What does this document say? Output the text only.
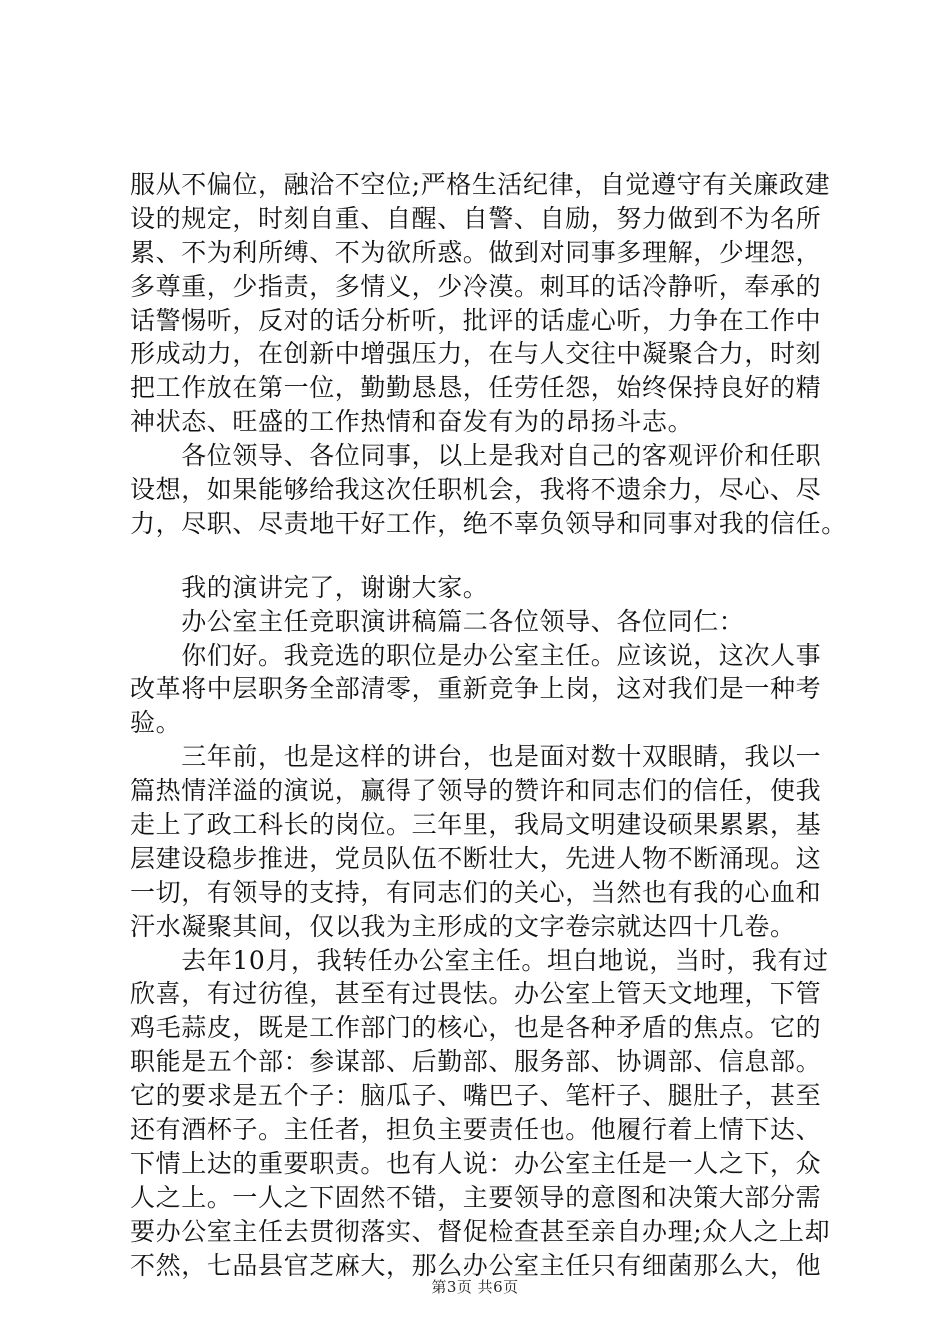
服从不偏位，融洽不空位;严格生活纪律，自觉遵守有关廉政建
设的规定，时刻自重、自醒、自警、自励，努力做到不为名所
累、不为利所缚、不为欲所惑。做到对同事多理解，少埋怨，
多尊重，少指责，多情义，少冷漠。刺耳的话冷静听，奉承的
话警惕听，反对的话分析听，批评的话虚心听，力争在工作中
形成动力，在创新中增强压力，在与人交往中凝聚合力，时刻
把工作放在第一位，勤勤恳恳，任劳任怨，始终保持良好的精
神状态、旺盛的工作热情和奋发有为的昂扬斗志。
　　各位领导、各位同事，以上是我对自己的客观评价和任职
设想，如果能够给我这次任职机会，我将不遗余力，尽心、尽
力，尽职、尽责地干好工作，绝不辜负领导和同事对我的信任。
　　我的演讲完了，谢谢大家。
　　办公室主任竞职演讲稿篇二各位领导、各位同仁：
　　你们好。我竞选的职位是办公室主任。应该说，这次人事
改革将中层职务全部清零，重新竞争上岗，这对我们是一种考
验。
　　三年前，也是这样的讲台，也是面对数十双眼睛，我以一
篇热情洋溢的演说，赢得了领导的赞许和同志们的信任，使我
走上了政工科长的岗位。三年里，我局文明建设硕果累累，基
层建设稳步推进，党员队伍不断壮大，先进人物不断涌现。这
一切，有领导的支持，有同志们的关心，当然也有我的心血和
汗水凝聚其间，仅以我为主形成的文字卷宗就达四十几卷。
　　去年10月，我转任办公室主任。坦白地说，当时，我有过
欣喜，有过彷徨，甚至有过畏怯。办公室上管天文地理，下管
鸡毛蒜皮，既是工作部门的核心，也是各种矛盾的焦点。它的
职能是五个部：参谋部、后勤部、服务部、协调部、信息部。
它的要求是五个子：脑瓜子、嘴巴子、笔杆子、腿肚子，甚至
还有酒杯子。主任者，担负主要责任也。他履行着上情下达、
下情上达的重要职责。也有人说：办公室主任是一人之下，众
人之上。一人之下固然不错，主要领导的意图和决策大部分需
要办公室主任去贯彻落实、督促检查甚至亲自办理;众人之上却
不然，七品县官芝麻大，那么办公室主任只有细菌那么大，他
第3页 共6页
